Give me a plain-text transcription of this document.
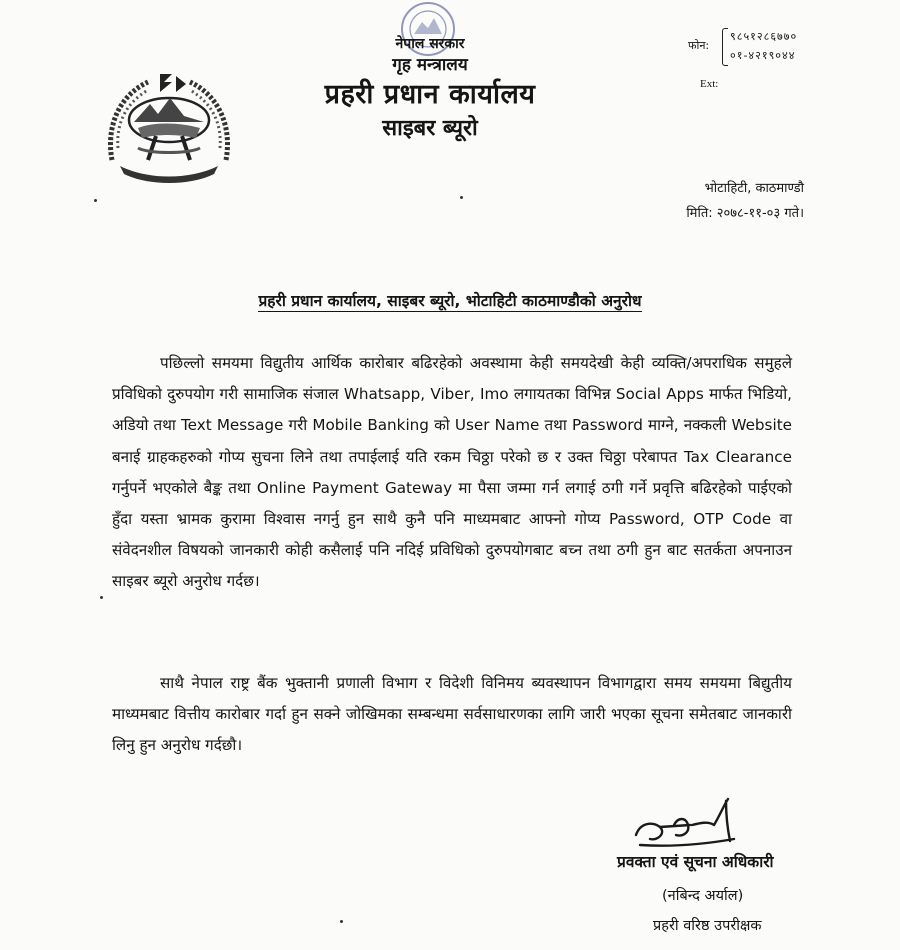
नेपाल सरकार
गृह मन्त्रालय
प्रहरी प्रधान कार्यालय
साइबर ब्यूरो
फोन:
९८५१२८६७७०
०१-४२१९०४४
Ext:
भोटाहिटी, काठमाण्डौ
मिति: २०७८-११-०३ गते।
प्रहरी प्रधान कार्यालय, साइबर ब्यूरो, भोटाहिटी काठमाण्डौको अनुरोध
पछिल्लो समयमा विद्युतीय आर्थिक कारोबार बढिरहेको अवस्थामा केही समयदेखी केही व्यक्ति/अपराधिक समुहले प्रविधिको दुरुपयोग गरी सामाजिक संजाल Whatsapp, Viber, Imo लगायतका विभिन्न Social Apps मार्फत भिडियो, अडियो तथा Text Message गरी Mobile Banking को User Name तथा Password माग्ने, नक्कली Website बनाई ग्राहकहरुको गोप्य सुचना लिने तथा तपाईलाई यति रकम चिठ्ठा परेको छ र उक्त चिठ्ठा परेबापत Tax Clearance गर्नुपर्ने भएकोले बैङ्क तथा Online Payment Gateway मा पैसा जम्मा गर्न लगाई ठगी गर्ने प्रवृत्ति बढिरहेको पाईएको हुँदा यस्ता भ्रामक कुरामा विश्वास नगर्नु हुन साथै कुनै पनि माध्यमबाट आफ्नो गोप्य Password, OTP Code वा संवेदनशील विषयको जानकारी कोही कसैलाई पनि नदिई प्रविधिको दुरुपयोगबाट बच्न तथा ठगी हुन बाट सतर्कता अपनाउन साइबर ब्यूरो अनुरोध गर्दछ।
साथै नेपाल राष्ट्र बैंक भुक्तानी प्रणाली विभाग र विदेशी विनिमय ब्यवस्थापन विभागद्वारा समय समयमा बिद्युतीय माध्यमबाट वित्तीय कारोबार गर्दा हुन सक्ने जोखिमका सम्बन्धमा सर्वसाधारणका लागि जारी भएका सूचना समेतबाट जानकारी लिनु हुन अनुरोध गर्दछौ।
प्रवक्ता एवं सूचना अधिकारी
(नबिन्द अर्याल)
प्रहरी वरिष्ठ उपरीक्षक
